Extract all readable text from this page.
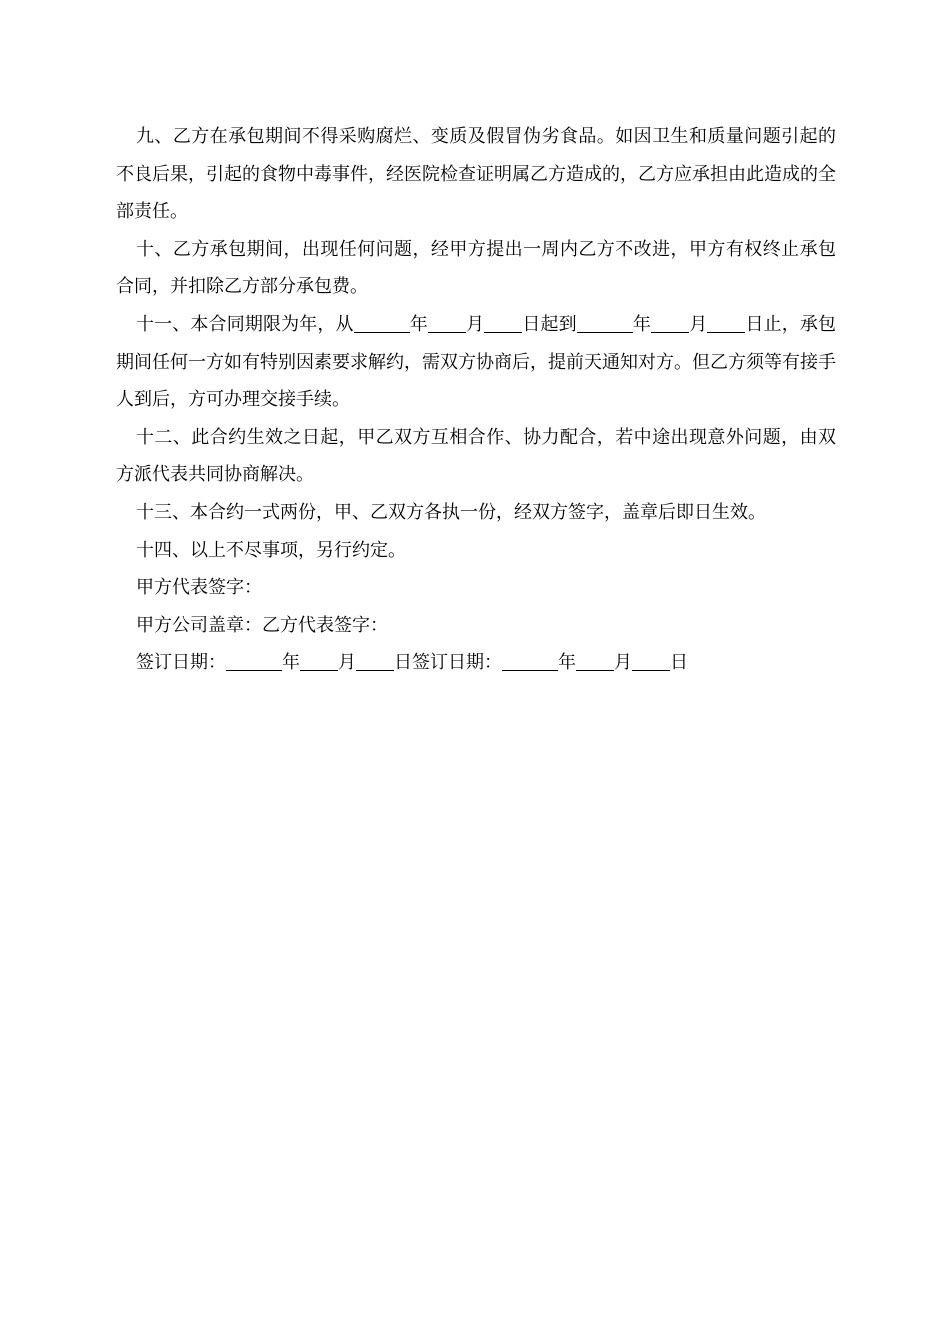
九、乙方在承包期间不得采购腐烂、变质及假冒伪劣食品。如因卫生和质量问题引起的不良后果，引起的食物中毒事件，经医院检查证明属乙方造成的，乙方应承担由此造成的全部责任。

十、乙方承包期间，出现任何问题，经甲方提出一周内乙方不改进，甲方有权终止承包合同，并扣除乙方部分承包费。

十一、本合同期限为年，从	年 月 日起到	年 月 日止，承包期间任何一方如有特别因素要求解约，需双方协商后，提前天通知对方。但乙方须等有接手人到后，方可办理交接手续。

十二、此合约生效之日起，甲乙双方互相合作、协力配合，若中途出现意外问题，由双方派代表共同协商解决。

十三、本合约一式两份，甲、乙双方各执一份，经双方签字，盖章后即日生效。

十四、以上不尽事项，另行约定。

甲方代表签字：

甲方公司盖章：乙方代表签字：

签订日期：	年 月 日签订日期：	年 月 日
